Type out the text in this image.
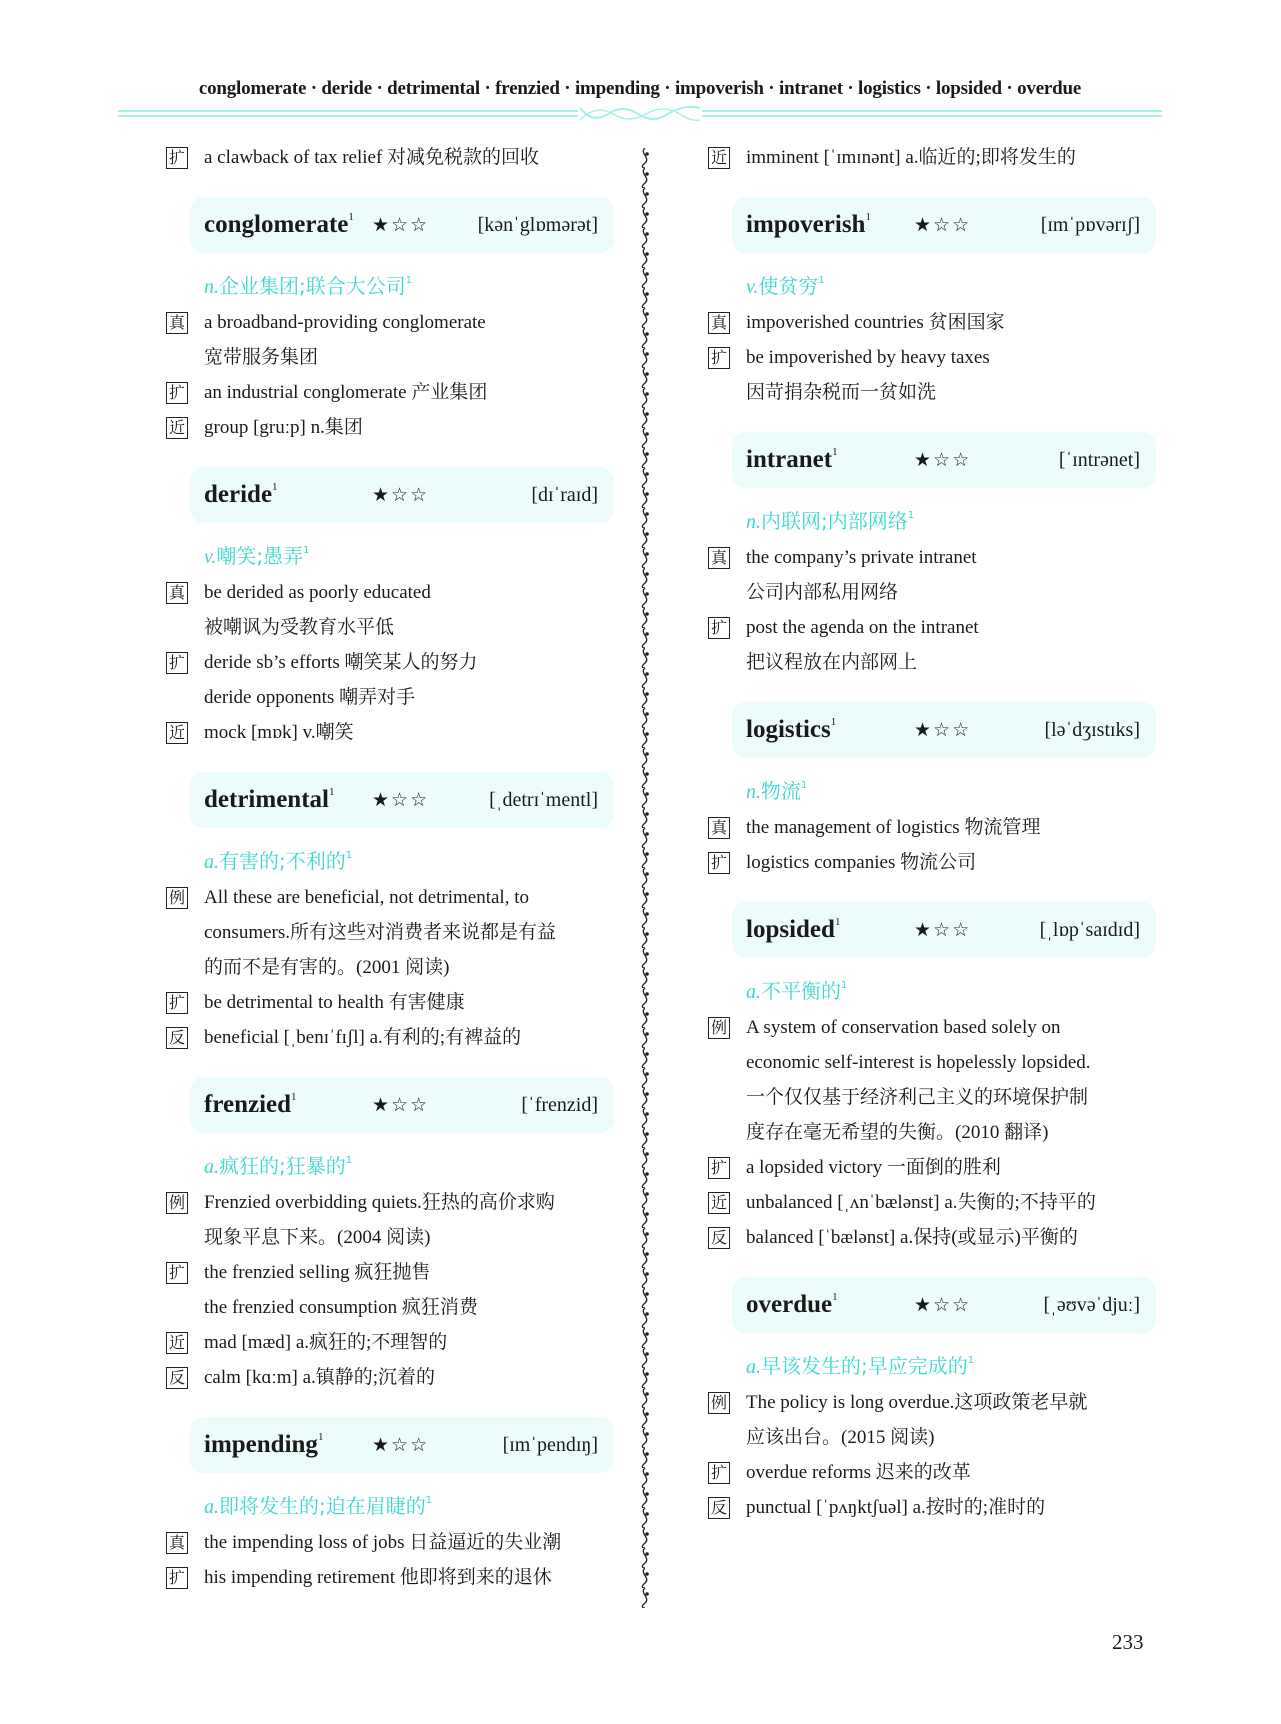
conglomerate · deride · detrimental · frenzied · impending · impoverish · intranet · logistics · lopsided · overdue
扩 a clawback of tax relief 对减免税款的回收
conglomerate$^1$ ★☆☆	[kənˈglɒmərət]
n.企业集团;联合大公司$^1$
真 a broadband-providing conglomerate
宽带服务集团
扩 an industrial conglomerate 产业集团
近 group [gruːp] n.集团
deride$^1$	★☆☆	[dɪˈraɪd]
v.嘲笑;愚弄$^1$
真 be derided as poorly educated
被嘲讽为受教育水平低
扩 deride sb’s efforts 嘲笑某人的努力
deride opponents 嘲弄对手
近 mock [mɒk] v.嘲笑
detrimental$^1$	★☆☆	[ˌdetrɪˈmentl]
a.有害的;不利的$^1$
例 All these are beneficial, not detrimental, to
consumers.所有这些对消费者来说都是有益
的而不是有害的。(2001 阅读)
扩 be detrimental to health 有害健康
反 beneficial [ˌbenɪˈfɪʃl] a.有利的;有裨益的
frenzied$^1$	★☆☆	[ˈfrenzid]
a.疯狂的;狂暴的$^1$
例 Frenzied overbidding quiets.狂热的高价求购
现象平息下来。(2004 阅读)
扩 the frenzied selling 疯狂抛售
the frenzied consumption 疯狂消费
近 mad [mæd] a.疯狂的;不理智的
反 calm [kɑːm] a.镇静的;沉着的
impending$^1$	★☆☆	[ɪmˈpendɪŋ]
a.即将发生的;迫在眉睫的$^1$
真 the impending loss of jobs 日益逼近的失业潮
扩 his impending retirement 他即将到来的退休
近 imminent [ˈɪmɪnənt] a.临近的;即将发生的
impoverish$^1$	★☆☆	[ɪmˈpɒvərɪʃ]
v.使贫穷$^1$
真 impoverished countries 贫困国家
扩 be impoverished by heavy taxes
因苛捐杂税而一贫如洗
intranet$^1$	★☆☆	[ˈɪntrənet]
n.内联网;内部网络$^1$
真 the company’s private intranet
公司内部私用网络
扩 post the agenda on the intranet
把议程放在内部网上
logistics$^1$	★☆☆	[ləˈdʒɪstɪks]
n.物流$^1$
真 the management of logistics 物流管理
扩 logistics companies 物流公司
lopsided$^1$	★☆☆	[ˌlɒpˈsaɪdɪd]
a.不平衡的$^1$
例 A system of conservation based solely on
economic self-interest is hopelessly lopsided.
一个仅仅基于经济利己主义的环境保护制
度存在毫无希望的失衡。(2010 翻译)
扩 a lopsided victory 一面倒的胜利
近 unbalanced [ˌʌnˈbælənst] a.失衡的;不持平的
反 balanced [ˈbælənst] a.保持(或显示)平衡的
overdue$^1$	★☆☆	[ˌəʊvəˈdjuː]
a.早该发生的;早应完成的$^1$
例 The policy is long overdue.这项政策老早就
应该出台。(2015 阅读)
扩 overdue reforms 迟来的改革
反 punctual [ˈpʌŋktʃuəl] a.按时的;准时的
233
